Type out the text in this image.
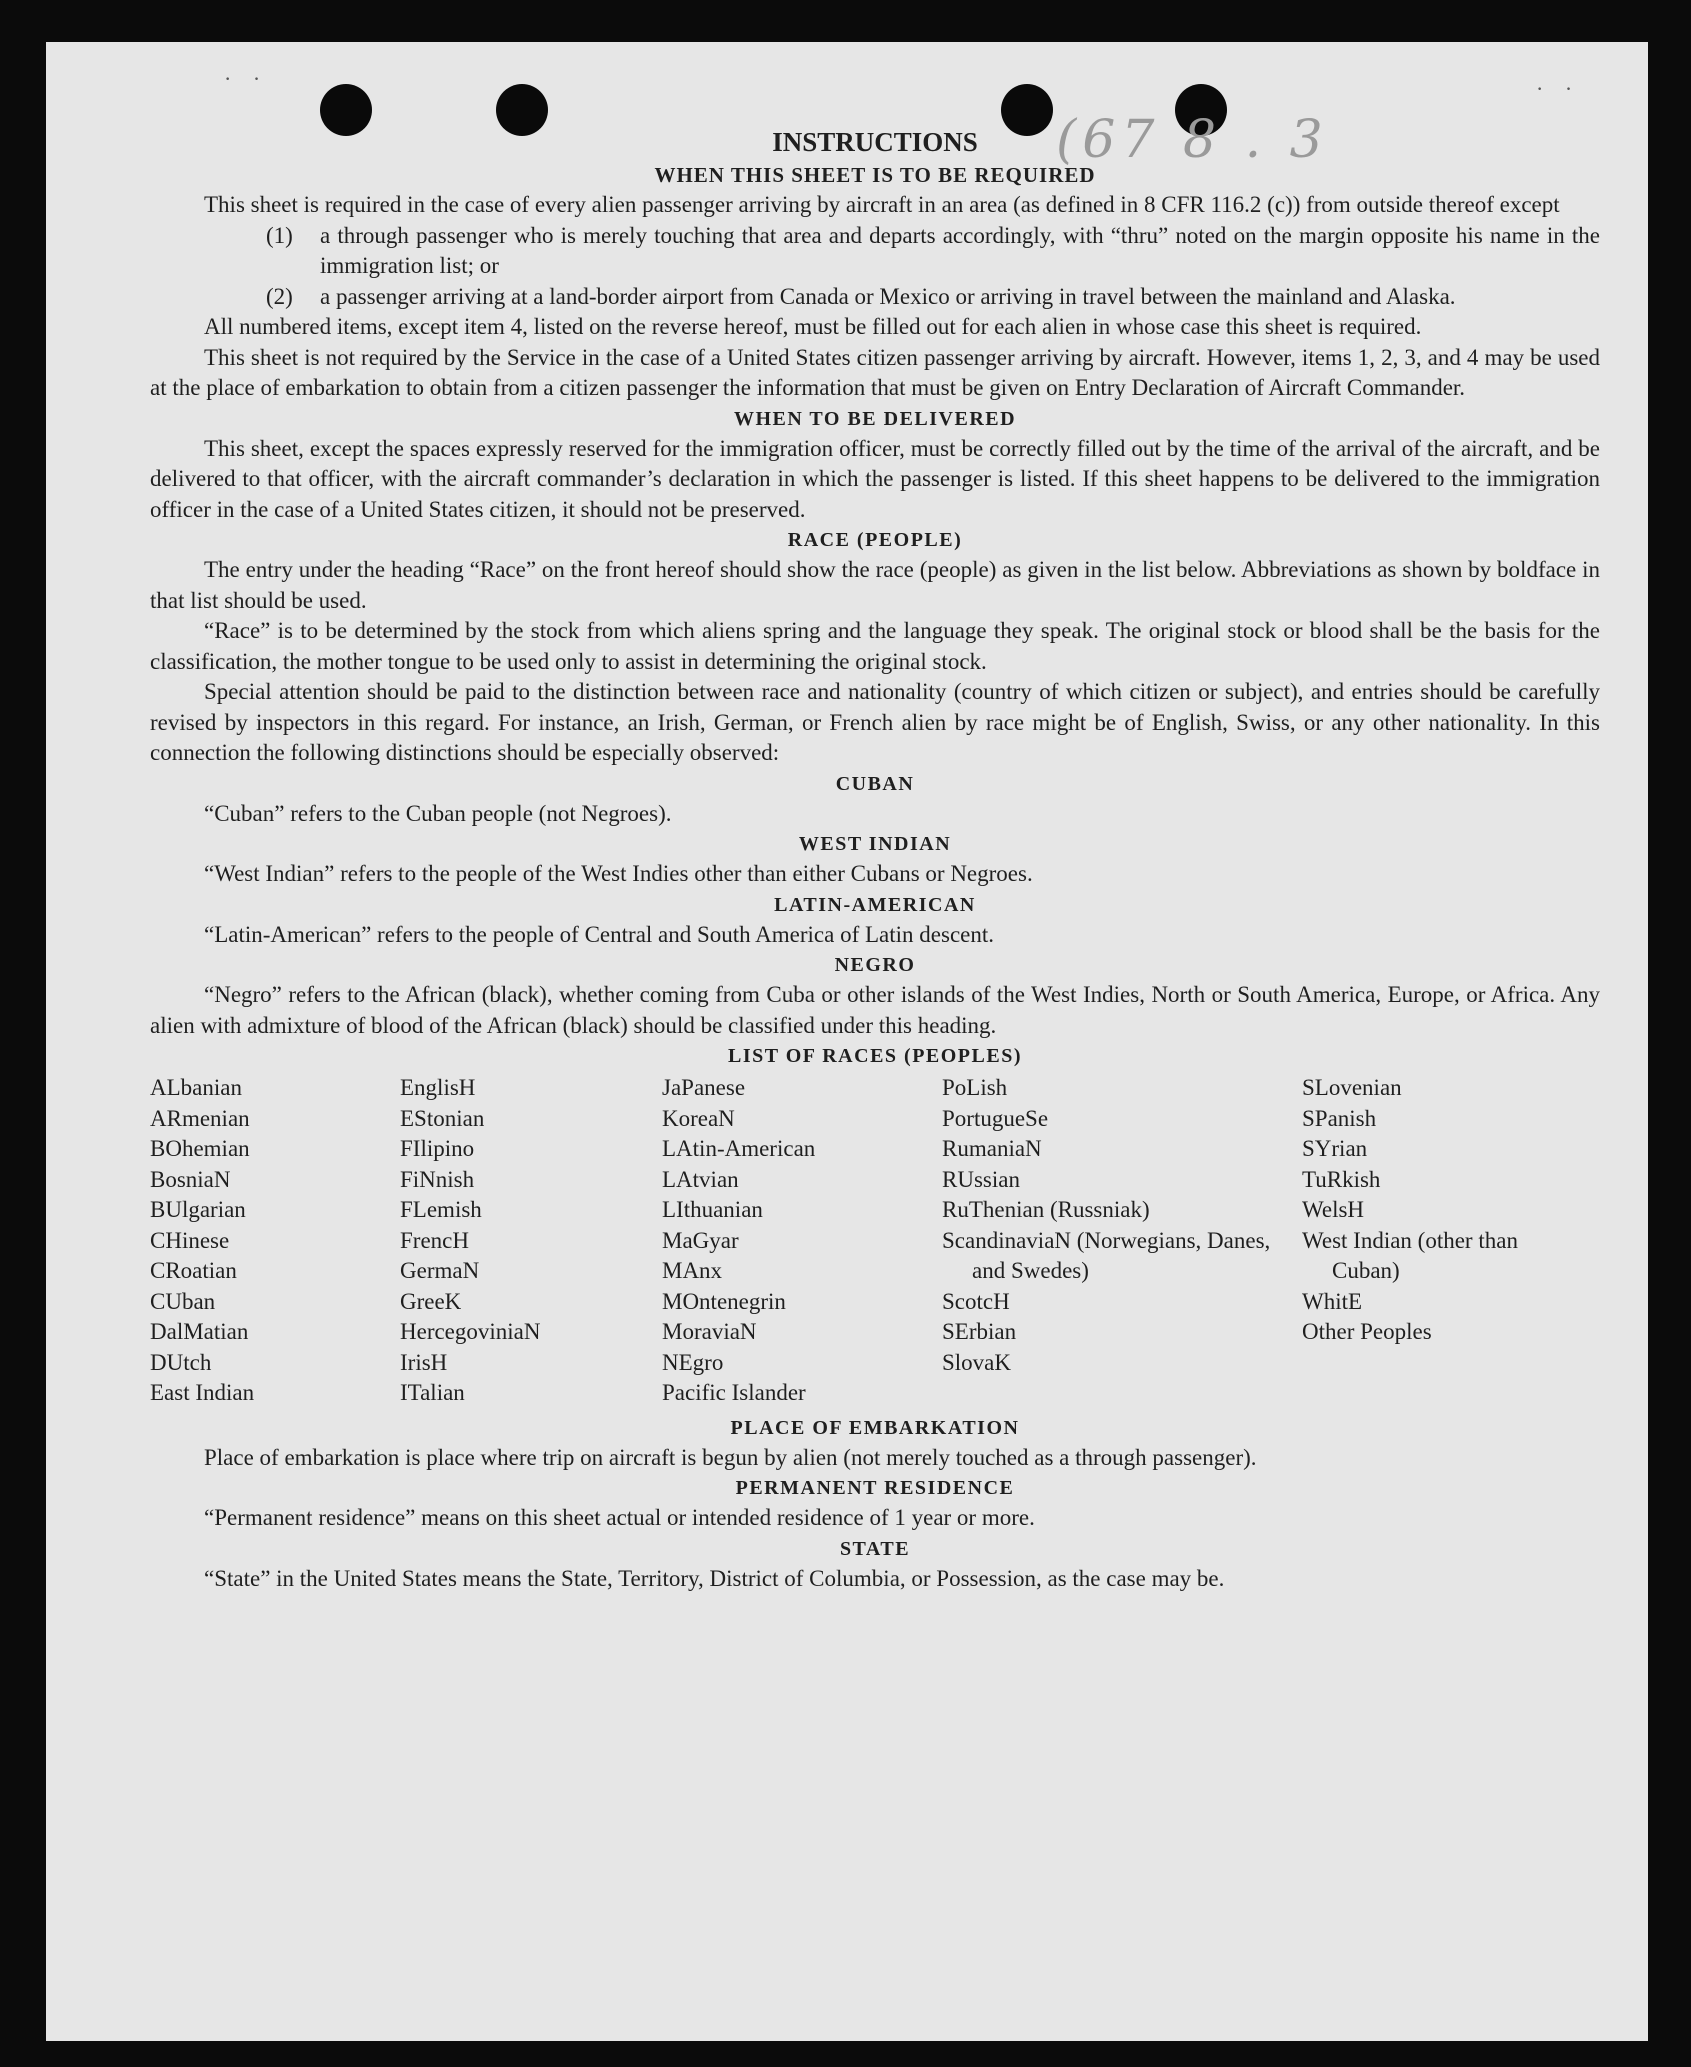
· ·	· ·
(67 8 . 3
INSTRUCTIONS
WHEN THIS SHEET IS TO BE REQUIRED

This sheet is required in the case of every alien passenger arriving by aircraft in an area (as defined in 8 CFR 116.2 (c)) from outside thereof except

(1) a through passenger who is merely touching that area and departs accordingly, with “thru” noted on the margin opposite his name in the immigration list; or

(2) a passenger arriving at a land-border airport from Canada or Mexico or arriving in travel between the mainland and Alaska.

All numbered items, except item 4, listed on the reverse hereof, must be filled out for each alien in whose case this sheet is required.

This sheet is not required by the Service in the case of a United States citizen passenger arriving by aircraft. However, items 1, 2, 3, and 4 may be used at the place of embarkation to obtain from a citizen passenger the information that must be given on Entry Declaration of Aircraft Commander.

WHEN TO BE DELIVERED

This sheet, except the spaces expressly reserved for the immigration officer, must be correctly filled out by the time of the arrival of the aircraft, and be delivered to that officer, with the aircraft commander’s declaration in which the passenger is listed. If this sheet happens to be delivered to the immigration officer in the case of a United States citizen, it should not be preserved.

RACE (PEOPLE)

The entry under the heading “Race” on the front hereof should show the race (people) as given in the list below. Abbreviations as shown by boldface in that list should be used.

“Race” is to be determined by the stock from which aliens spring and the language they speak. The original stock or blood shall be the basis for the classification, the mother tongue to be used only to assist in determining the original stock.

Special attention should be paid to the distinction between race and nationality (country of which citizen or subject), and entries should be carefully revised by inspectors in this regard. For instance, an Irish, German, or French alien by race might be of English, Swiss, or any other nationality. In this connection the following distinctions should be especially observed:

CUBAN

“Cuban” refers to the Cuban people (not Negroes).

WEST INDIAN

“West Indian” refers to the people of the West Indies other than either Cubans or Negroes.

LATIN-AMERICAN

“Latin-American” refers to the people of Central and South America of Latin descent.

NEGRO

“Negro” refers to the African (black), whether coming from Cuba or other islands of the West Indies, North or South America, Europe, or Africa. Any alien with admixture of blood of the African (black) should be classified under this heading.

LIST OF RACES (PEOPLES)
ALbanian
ARmenian
BOhemian
BosniaN
BUlgarian
CHinese
CRoatian
CUban
DalMatian
DUtch
East Indian
EnglisH
EStonian
FIlipino
FiNnish
FLemish
FrencH
GermaN
GreeK
HercegoviniaN
IrisH
ITalian
JaPanese
KoreaN
LAtin-American
LAtvian
LIthuanian
MaGyar
MAnx
MOntenegrin
MoraviaN
NEgro
Pacific Islander
PoLish
PortugueSe
RumaniaN
RUssian
RuThenian (Russniak)
ScandinaviaN (Norwegians, Danes, and Swedes)
ScotcH
SErbian
SlovaK
SLovenian
SPanish
SYrian
TuRkish
WelsH
West Indian (other than Cuban)
WhitE
Other Peoples
PLACE OF EMBARKATION

Place of embarkation is place where trip on aircraft is begun by alien (not merely touched as a through passenger).

PERMANENT RESIDENCE

“Permanent residence” means on this sheet actual or intended residence of 1 year or more.

STATE

“State” in the United States means the State, Territory, District of Columbia, or Possession, as the case may be.
